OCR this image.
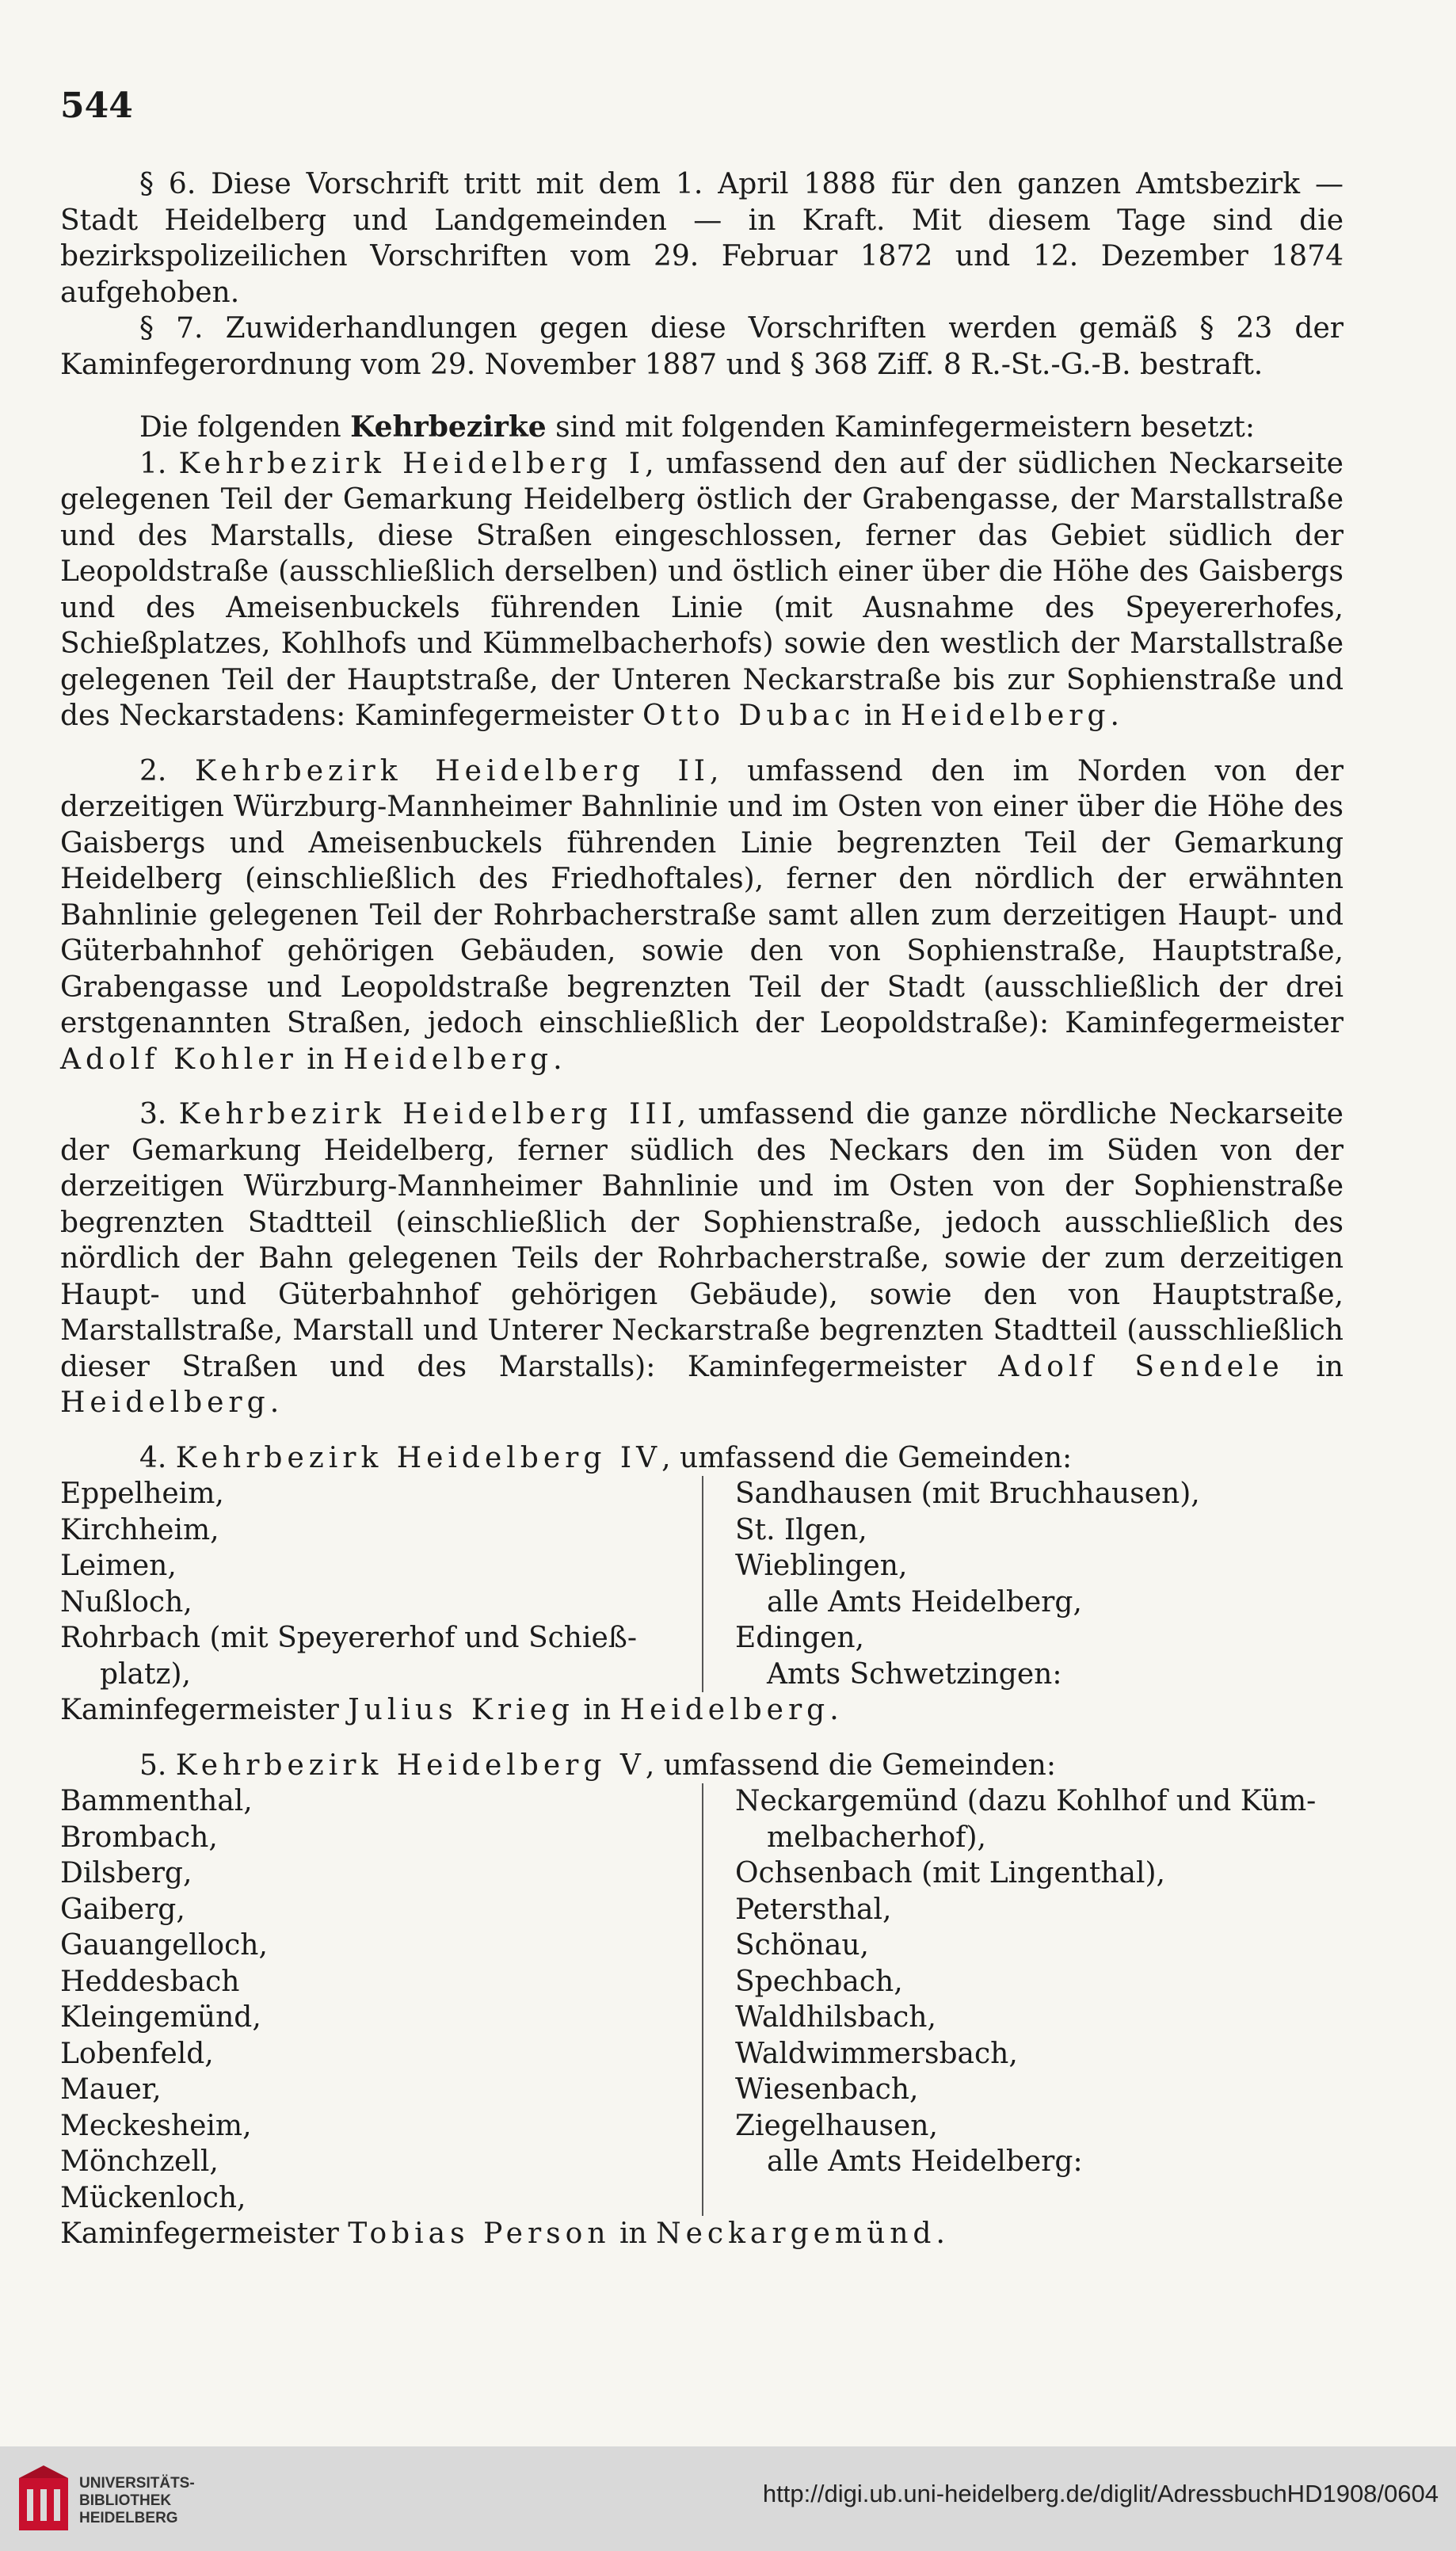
544

§ 6. Diese Vorschrift tritt mit dem 1. April 1888 für den ganzen Amtsbezirk — Stadt Heidelberg und Landgemeinden — in Kraft. Mit diesem Tage sind die bezirkspolizeilichen Vorschriften vom 29. Februar 1872 und 12. Dezember 1874 aufgehoben.

§ 7. Zuwiderhandlungen gegen diese Vorschriften werden gemäß § 23 der Kaminfegerordnung vom 29. November 1887 und § 368 Ziff. 8 R.-St.-G.-B. bestraft.

Die folgenden Kehrbezirke sind mit folgenden Kaminfegermeistern besetzt:

1. Kehrbezirk Heidelberg I, umfassend den auf der südlichen Neckarseite gelegenen Teil der Gemarkung Heidelberg östlich der Grabengasse, der Marstallstraße und des Marstalls, diese Straßen eingeschlossen, ferner das Gebiet südlich der Leopoldstraße (ausschließlich derselben) und östlich einer über die Höhe des Gaisbergs und des Ameisenbuckels führenden Linie (mit Ausnahme des Speyererhofes, Schießplatzes, Kohlhofs und Kümmelbacherhofs) sowie den westlich der Marstallstraße gelegenen Teil der Hauptstraße, der Unteren Neckarstraße bis zur Sophienstraße und des Neckarstadens: Kaminfegermeister Otto Dubac in Heidelberg.

2. Kehrbezirk Heidelberg II, umfassend den im Norden von der derzeitigen Würzburg-Mannheimer Bahnlinie und im Osten von einer über die Höhe des Gaisbergs und Ameisenbuckels führenden Linie begrenzten Teil der Gemarkung Heidelberg (einschließlich des Friedhoftales), ferner den nördlich der erwähnten Bahnlinie gelegenen Teil der Rohrbacherstraße samt allen zum derzeitigen Haupt- und Güterbahnhof gehörigen Gebäuden, sowie den von Sophienstraße, Hauptstraße, Grabengasse und Leopoldstraße begrenzten Teil der Stadt (ausschließlich der drei erstgenannten Straßen, jedoch einschließlich der Leopoldstraße): Kaminfegermeister Adolf Kohler in Heidelberg.

3. Kehrbezirk Heidelberg III, umfassend die ganze nördliche Neckarseite der Gemarkung Heidelberg, ferner südlich des Neckars den im Süden von der derzeitigen Würzburg-Mannheimer Bahnlinie und im Osten von der Sophienstraße begrenzten Stadtteil (einschließlich der Sophienstraße, jedoch ausschließlich des nördlich der Bahn gelegenen Teils der Rohrbacherstraße, sowie der zum derzeitigen Haupt- und Güterbahnhof gehörigen Gebäude), sowie den von Hauptstraße, Marstallstraße, Marstall und Unterer Neckarstraße begrenzten Stadtteil (ausschließlich dieser Straßen und des Marstalls): Kaminfegermeister Adolf Sendele in Heidelberg.

4. Kehrbezirk Heidelberg IV, umfassend die Gemeinden:

Eppelheim,
Kirchheim,
Leimen,
Nußloch,
Rohrbach (mit Speyererhof und Schieß-
platz),
Sandhausen (mit Bruchhausen),
St. Ilgen,
Wieblingen,
alle Amts Heidelberg,
Edingen,
Amts Schwetzingen:

Kaminfegermeister Julius Krieg in Heidelberg.

5. Kehrbezirk Heidelberg V, umfassend die Gemeinden:

Bammenthal,
Brombach,
Dilsberg,
Gaiberg,
Gauangelloch,
Heddesbach
Kleingemünd,
Lobenfeld,
Mauer,
Meckesheim,
Mönchzell,
Mückenloch,
Neckargemünd (dazu Kohlhof und Küm-
melbacherhof),
Ochsenbach (mit Lingenthal),
Petersthal,
Schönau,
Spechbach,
Waldhilsbach,
Waldwimmersbach,
Wiesenbach,
Ziegelhausen,
alle Amts Heidelberg:

Kaminfegermeister Tobias Person in Neckargemünd.

UNIVERSITÄTS-
BIBLIOTHEK
HEIDELBERG
http://digi.ub.uni-heidelberg.de/diglit/AdressbuchHD1908/0604
